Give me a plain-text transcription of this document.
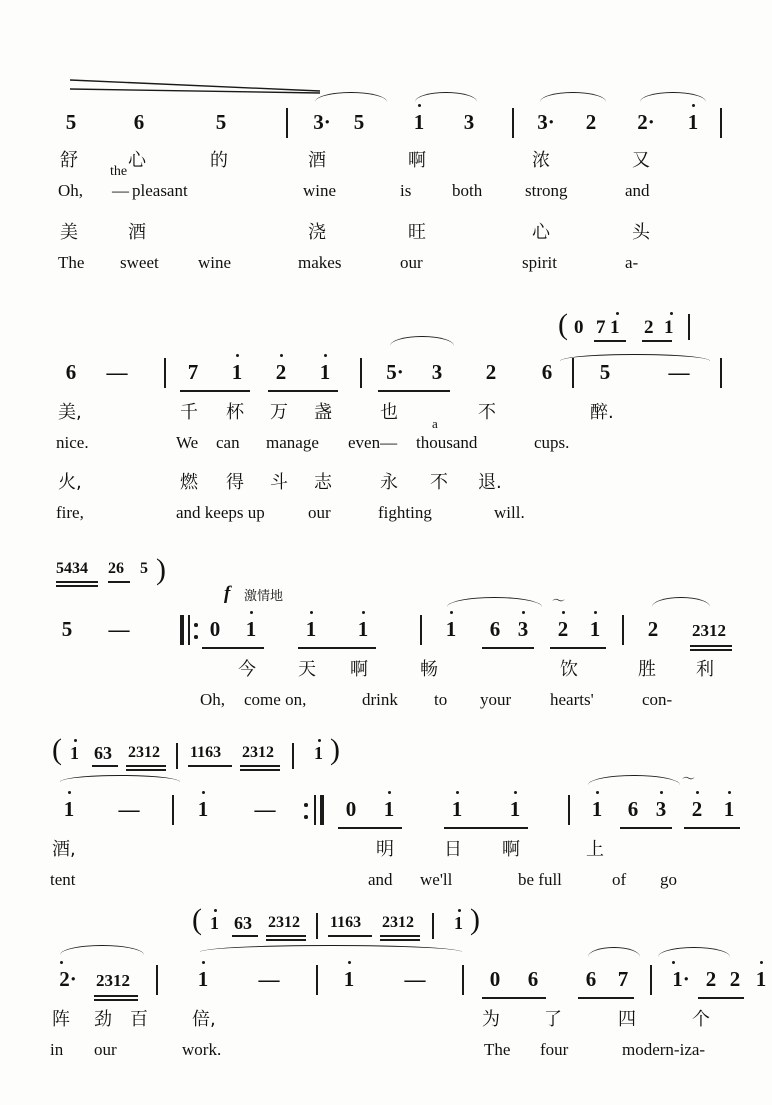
5	6	5	3· 5 1 3	3· 2 2· 1
舒	心	的	酒	啊	浓	又
Oh,
the
— pleasant	wine	is both	strong	and
美	酒	浇	旺	心	头
The sweet wine	makes	our	spirit	a-
( 0 7 1 2 1
6 —	7 1 2 1	5· 3 2 6 5	—
美,	千 杯 万 盏	也	不	醉.
nice.	We can manage even—
a
thousand	cups.
火,	燃 得 斗 志	永 不 退.
fire,	and keeps up	our	fighting	will.
5434 26 5 )
f 激情地	〜
5 —	0 1 1 1	1 6 3 2 1 2	2312
今 天 啊	畅	饮	胜 利
Oh, come on,	drink to your hearts'	con-
( 1 63 2312 1163 2312 1 )
〜
1 —	1 —	0 1	1 1	1 6 3 2 1
酒,	明	日 啊	上
tent	and we'll	be full	of go
( 1 63 2312 1163 2312 1 )
2·	2312	1 —	1 —	0 6 6 7 1· 2 2 1
阵 劲 百 倍,	为 了	四	个
in our	work.	The four	modern-iza-
